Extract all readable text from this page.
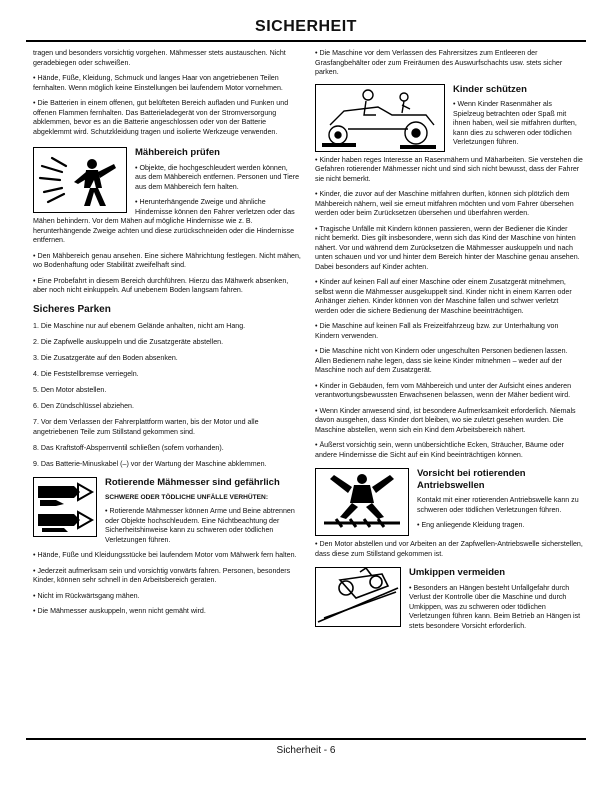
SICHERHEIT

tragen und besonders vorsichtig vorgehen. Mähmesser stets austauschen. Nicht geradebiegen oder schweißen.

• Hände, Füße, Kleidung, Schmuck und langes Haar von angetriebenen Teilen fernhalten. Wenn möglich keine Einstellungen bei laufendem Motor vornehmen.

• Die Batterien in einem offenen, gut belüfteten Bereich aufladen und Funken und offenen Flammen fernhalten. Das Batterieladegerät von der Stromversorgung abklemmen, bevor es an die Batterie angeschlossen oder von der Batterie abgeklemmt wird. Schutzkleidung tragen und isolierte Werkzeuge verwenden.

Mähbereich prüfen

• Objekte, die hochgeschleudert werden können, aus dem Mähbereich entfernen. Personen und Tiere aus dem Mähbereich fern halten.

• Herunterhängende Zweige und ähnliche Hindernisse können den Fahrer verletzen oder das Mähen behindern. Vor dem Mähen auf mögliche Hindernisse wie z. B. herunterhängende Zweige achten und diese zurückschneiden oder die Hindernisse entfernen.

• Den Mähbereich genau ansehen. Eine sichere Mährichtung festlegen. Nicht mähen, wo Bodenhaftung oder Stabilität zweifelhaft sind.

• Eine Probefahrt in diesem Bereich durchführen. Hierzu das Mähwerk absenken, aber noch nicht einkuppeln. Auf unebenem Boden langsam fahren.

Sicheres Parken
1. Die Maschine nur auf ebenem Gelände anhalten, nicht am Hang.
2. Die Zapfwelle auskuppeln und die Zusatzgeräte abstellen.
3. Die Zusatzgeräte auf den Boden absenken.
4. Die Feststellbremse verriegeln.
5. Den Motor abstellen.
6. Den Zündschlüssel abziehen.
7. Vor dem Verlassen der Fahrerplattform warten, bis der Motor und alle angetriebenen Teile zum Stillstand gekommen sind.
8. Das Kraftstoff-Absperrventil schließen (sofern vorhanden).
9. Das Batterie-Minuskabel (–) vor der Wartung der Maschine abklemmen.
Rotierende Mähmesser sind gefährlich
SCHWERE ODER TÖDLICHE UNFÄLLE VERHÜTEN:

• Rotierende Mähmesser können Arme und Beine abtrennen oder Objekte hochschleudern. Eine Nichtbeachtung der Sicherheitshinweise kann zu schweren oder tödlichen Verletzungen führen.

• Hände, Füße und Kleidungsstücke bei laufendem Motor vom Mähwerk fern halten.

• Jederzeit aufmerksam sein und vorsichtig vorwärts fahren. Personen, besonders Kinder, können sehr schnell in den Arbeitsbereich geraten.

• Nicht im Rückwärtsgang mähen.

• Die Mähmesser auskuppeln, wenn nicht gemäht wird.

• Die Maschine vor dem Verlassen des Fahrersitzes zum Entleeren der Grasfangbehälter oder zum Freiräumen des Auswurfschachts usw. stets sicher parken.

Kinder schützen

• Wenn Kinder Rasenmäher als Spielzeug betrachten oder Spaß mit ihnen haben, weil sie mitfahren durften, kann dies zu schweren oder tödlichen Verletzungen führen.

• Kinder haben reges Interesse an Rasenmähern und Mäharbeiten. Sie verstehen die Gefahren rotierender Mähmesser nicht und sind sich nicht bewusst, dass der Fahrer sie nicht bemerkt.

• Kinder, die zuvor auf der Maschine mitfahren durften, können sich plötzlich dem Mähbereich nähern, weil sie erneut mitfahren möchten und vom Fahrer übersehen werden oder beim Zurücksetzen übersehen und überfahren werden.

• Tragische Unfälle mit Kindern können passieren, wenn der Bediener die Kinder nicht bemerkt. Dies gilt insbesondere, wenn sich das Kind der Maschine von hinten nähert. Vor und während dem Zurücksetzen die Mähmesser auskuppeln und nach unten schauen und vor und hinter dem Bereich hinter der Maschine genau ansehen. Dabei besonders auf Kinder achten.

• Kinder auf keinen Fall auf einer Maschine oder einem Zusatzgerät mitnehmen, selbst wenn die Mähmesser ausgekuppelt sind. Kinder nicht in einem Karren oder Anhänger ziehen. Kinder können von der Maschine fallen und schwer verletzt werden oder die sichere Bedienung der Maschine beeinträchtigen.

• Die Maschine auf keinen Fall als Freizeitfahrzeug bzw. zur Unterhaltung von Kindern verwenden.

• Die Maschine nicht von Kindern oder ungeschulten Personen bedienen lassen. Allen Bedienern nahe legen, dass sie keine Kinder mitnehmen – weder auf der Maschine noch auf dem Zusatzgerät.

• Kinder in Gebäuden, fern vom Mähbereich und unter der Aufsicht eines anderen verantwortungsbewussten Erwachsenen belassen, wenn der Mäher bedient wird.

• Wenn Kinder anwesend sind, ist besondere Aufmerksamkeit erforderlich. Niemals davon ausgehen, dass Kinder dort bleiben, wo sie zuletzt gesehen wurden. Die Maschine abstellen, wenn sich ein Kind dem Arbeitsbereich nähert.

• Äußerst vorsichtig sein, wenn unübersichtliche Ecken, Sträucher, Bäume oder andere Hindernisse die Sicht auf ein Kind beeinträchtigen können.

Vorsicht bei rotierenden Antriebswellen

Kontakt mit einer rotierenden Antriebswelle kann zu schweren oder tödlichen Verletzungen führen.

• Eng anliegende Kleidung tragen.

• Den Motor abstellen und vor Arbeiten an der Zapfwellen-Antriebswelle sicherstellen, dass diese zum Stillstand gekommen ist.

Umkippen vermeiden

• Besonders an Hängen besteht Unfallgefahr durch Verlust der Kontrolle über die Maschine und durch Umkippen, was zu schweren oder tödlichen Verletzungen führen kann. Beim Betrieb an Hängen ist stets besondere Vorsicht erforderlich.

Sicherheit - 6
